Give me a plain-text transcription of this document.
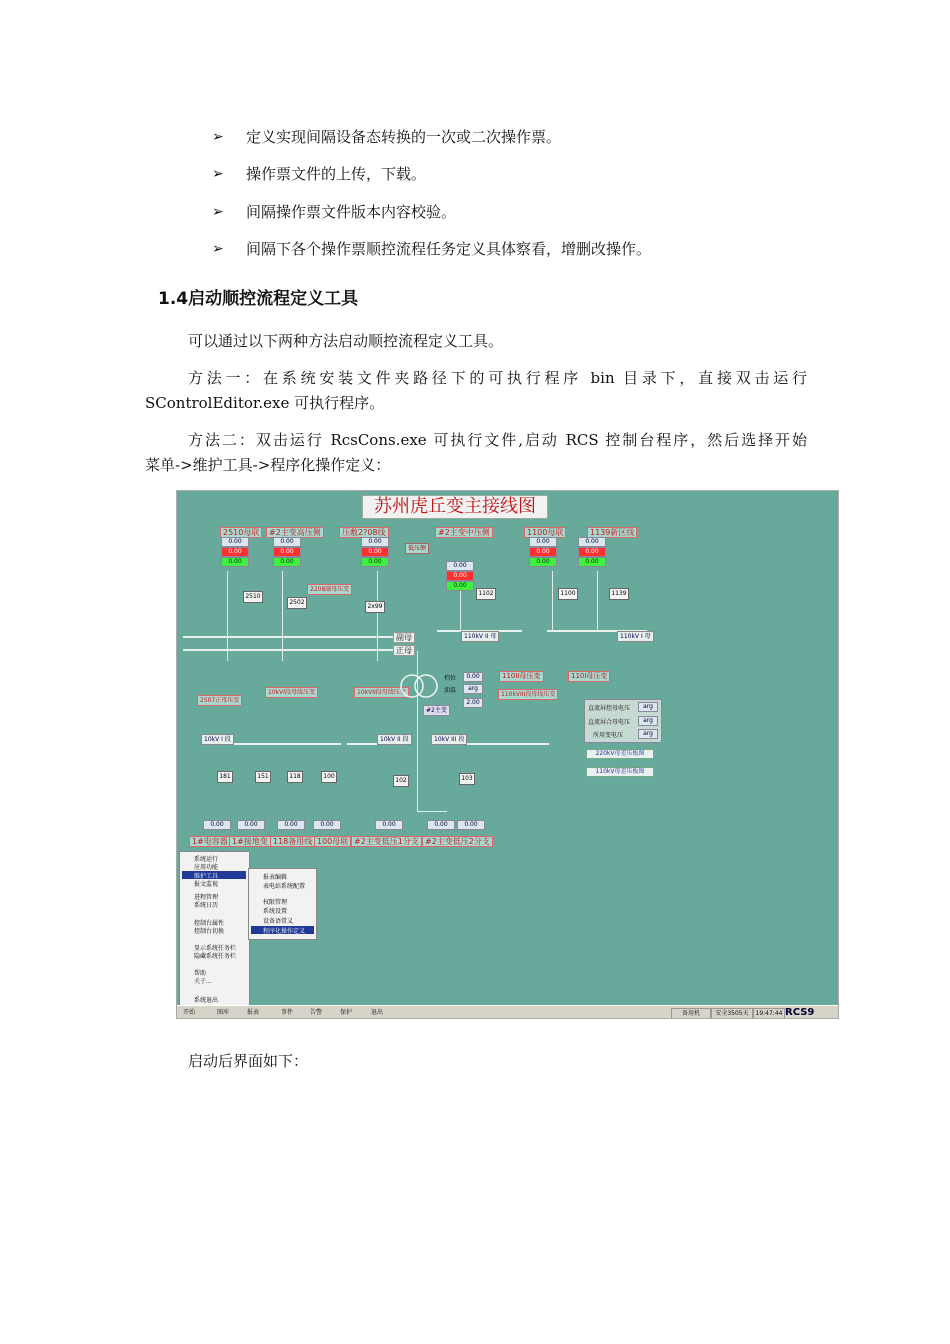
➢ 定义实现间隔设备态转换的一次或二次操作票。
➢ 操作票文件的上传，下载。
➢ 间隔操作票文件版本内容校验。
➢ 间隔下各个操作票顺控流程任务定义具体察看，增删改操作。
1.4启动顺控流程定义工具
可以通过以下两种方法启动顺控流程定义工具。
方法一：在系统安装文件夹路径下的可执行程序 bin 目录下，直接双击运行
SControlEditor.exe 可执行程序。
方法二：双击运行 RcsCons.exe 可执行文件,启动 RCS 控制台程序，然后选择开始
菜单->维护工具->程序化操作定义：
苏州虎丘变主接线图
2510母联	#2主变高压侧	压敷2?08线	#2主变中压侧	1100母联	1139新区线
0.00
0.00
0.00
0.00
0.00
0.00
0.00
0.00
0.00
0.00
0.00
0.00
0.00
0.00
0.00
0.00
0.00
0.00
低压侧
副母
正母
110kV II 母	110kV I 母
2510
2502
2x99
1102	1100	1139
2208副母压变
2507正母压变
10kVI段母线压变	10kVII段母线压变	110kVIII段母线压变
110II母压变	110I母压变
档位	0.00
油温	arg
2.00
#2主变	直流屏控母电压	arg
直流屏合母电压	arg
所用变电压	arg
220kV母差压板图
110kV母差压板图
10kV I 段	10kV II 段	10kV III 段
181	151	118	100
102	103
0.00	0.00	0.00	0.00	0.00	0.00	0.00
1#电容器 1#接地变 118备用线 100母联 #2主变低压1分支 #2主变低压2分支
系统运行
应用功能
维护工具
报文监视
进程管理
系统日历
控制台属性
控制台切换
显示系统任务栏
隐藏系统任务栏
帮助
关于...
系统退出
报表编辑
表电站系统配置
权限管理
系统设置
设备语常义
程序化操作定义
开始	图库	报表	事件	告警	保护	退出	备用机	安全3505天	19:47:44 RCS9
启动后界面如下：
